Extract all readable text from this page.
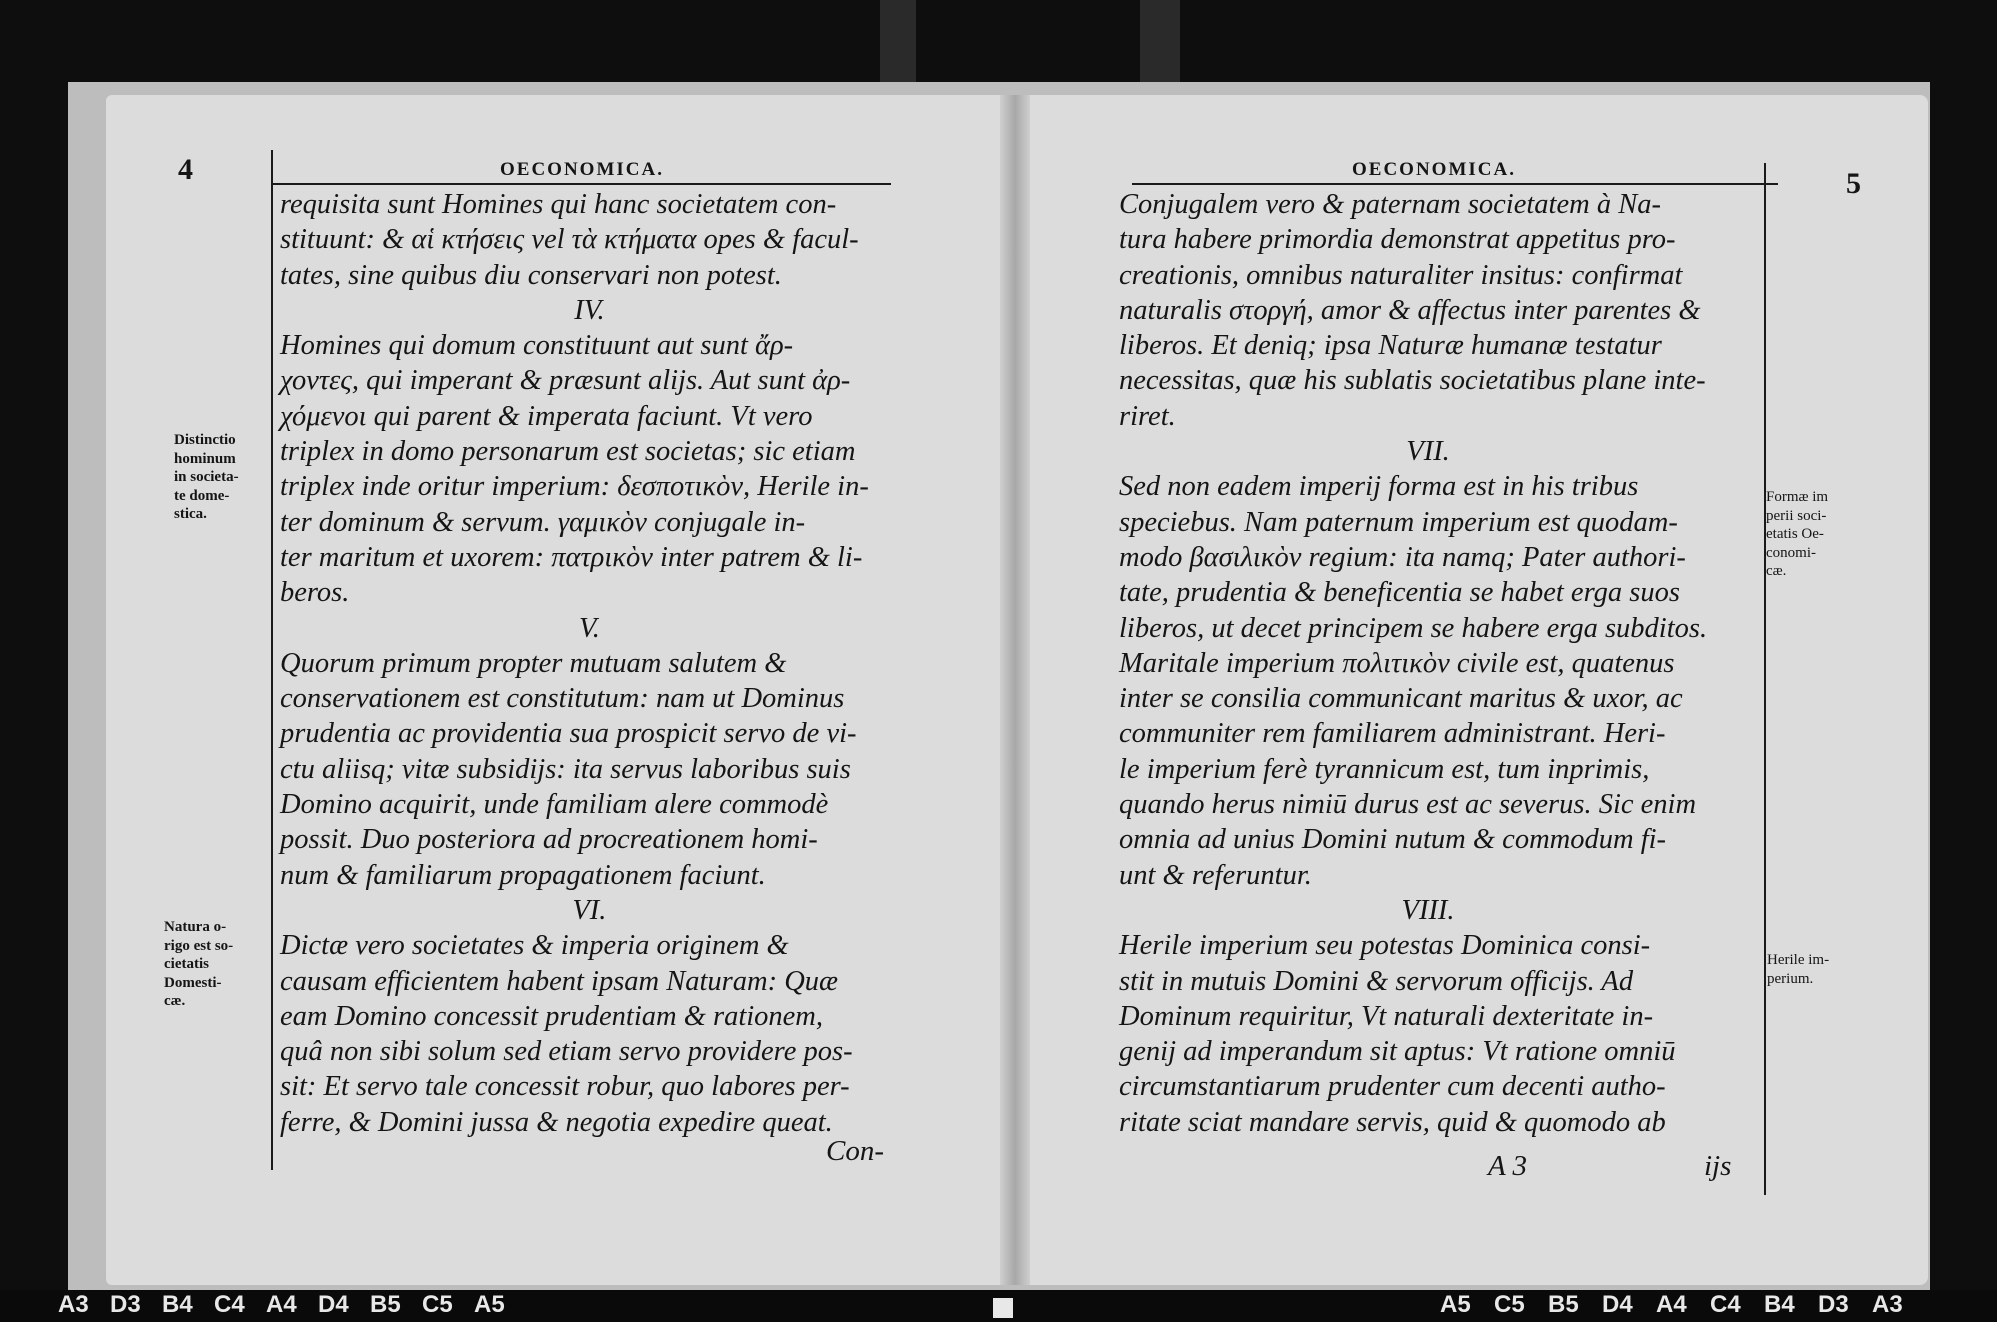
4	OECONOMICA.
requisita sunt Homines qui hanc societatem con-
stituunt: & αἱ κτήσεις vel τὰ κτήματα opes & facul-
tates, sine quibus diu conservari non potest.
IV.
Homines qui domum constituunt aut sunt ἄρ-
χοντες, qui imperant & præsunt alijs. Aut sunt ἀρ-
χόμενοι qui parent & imperata faciunt. Vt vero
triplex in domo personarum est societas; sic etiam
triplex inde oritur imperium: δεσποτικὸν, Herile in-
ter dominum & servum. γαμικὸν conjugale in-
ter maritum et uxorem: πατρικὸν inter patrem & li-
beros.
V.
Quorum primum propter mutuam salutem &
conservationem est constitutum: nam ut Dominus
prudentia ac providentia sua prospicit servo de vi-
ctu aliisq; vitæ subsidijs: ita servus laboribus suis
Domino acquirit, unde familiam alere commodè
possit. Duo posteriora ad procreationem homi-
num & familiarum propagationem faciunt.
VI.
Dictæ vero societates & imperia originem &
causam efficientem habent ipsam Naturam: Quæ
eam Domino concessit prudentiam & rationem,
quâ non sibi solum sed etiam servo providere pos-
sit: Et servo tale concessit robur, quo labores per-
ferre, & Domini jussa & negotia expedire queat.
Con-
Distinctio
hominum
in societa-
te dome-
stica.
Natura o-
rigo est so-
cietatis
Domesti-
cæ.
OECONOMICA.	5
Conjugalem vero & paternam societatem à Na-
tura habere primordia demonstrat appetitus pro-
creationis, omnibus naturaliter insitus: confirmat
naturalis στοργή, amor & affectus inter parentes &
liberos. Et deniq; ipsa Naturæ humanæ testatur
necessitas, quæ his sublatis societatibus plane inte-
riret.
VII.
Sed non eadem imperij forma est in his tribus
speciebus. Nam paternum imperium est quodam-
modo βασιλικὸν regium: ita namq; Pater authori-
tate, prudentia & beneficentia se habet erga suos
liberos, ut decet principem se habere erga subditos.
Maritale imperium πολιτικὸν civile est, quatenus
inter se consilia communicant maritus & uxor, ac
communiter rem familiarem administrant. Heri-
le imperium ferè tyrannicum est, tum inprimis,
quando herus nimiū durus est ac severus. Sic enim
omnia ad unius Domini nutum & commodum fi-
unt & referuntur.
VIII.
Herile imperium seu potestas Dominica consi-
stit in mutuis Domini & servorum officijs. Ad
Dominum requiritur, Vt naturali dexteritate in-
genij ad imperandum sit aptus: Vt ratione omniū
circumstantiarum prudenter cum decenti autho-
ritate sciat mandare servis, quid & quomodo ab
A 3	ijs
Formæ im
perii soci-
etatis Oe-
conomi-
cæ.
Herile im-
perium.
A3 D3 B4 C4 A4 D4 B5 C5 A5	A5 C5 B5 D4 A4 C4 B4 D3 A3
